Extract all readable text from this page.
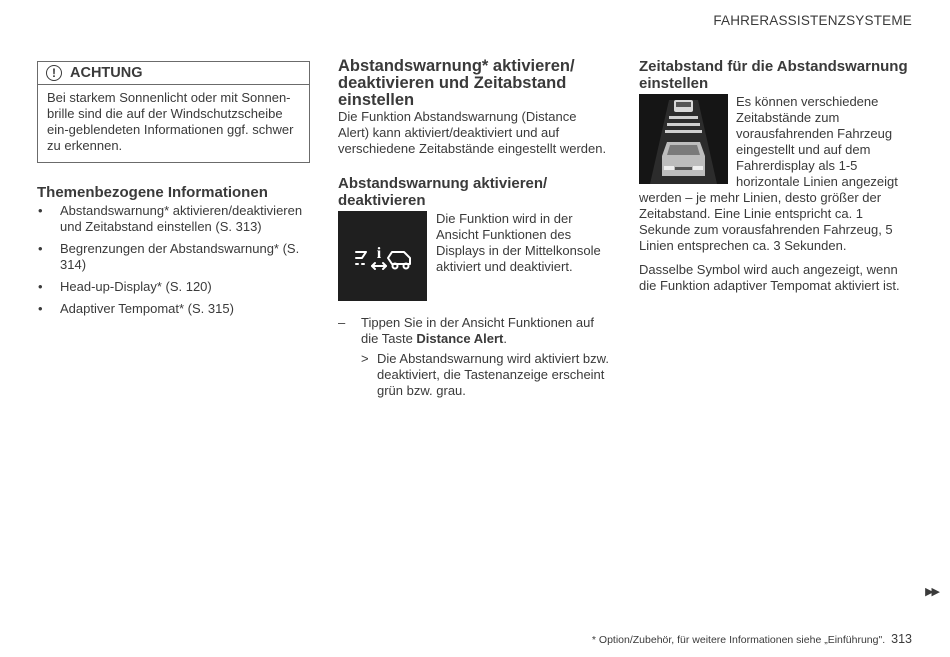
FAHRERASSISTENZSYSTEME
! ACHTUNG
Bei starkem Sonnenlicht oder mit Sonnen-brille sind die auf der Windschutzscheibe ein-geblendeten Informationen ggf. schwer zu erkennen.
Themenbezogene Informationen
• Abstandswarnung* aktivieren/deaktivieren und Zeitabstand einstellen (S. 313)
• Begrenzungen der Abstandswarnung* (S. 314)
• Head-up-Display* (S. 120)
• Adaptiver Tempomat* (S. 315)
Abstandswarnung* aktivieren/ deaktivieren und Zeitabstand einstellen

Die Funktion Abstandswarnung (Distance Alert) kann aktiviert/deaktiviert und auf verschiedene Zeitabstände eingestellt werden.

Abstandswarnung aktivieren/ deaktivieren
i

Die Funktion wird in der Ansicht Funktionen des Displays in der Mittelkonsole aktiviert und deaktiviert.

– Tippen Sie in der Ansicht Funktionen auf die Taste Distance Alert.
> Die Abstandswarnung wird aktiviert bzw. deaktiviert, die Tastenanzeige erscheint grün bzw. grau.
Zeitabstand für die Abstandswarnung einstellen

Es können verschiedene Zeitabstände zum vorausfahrenden Fahrzeug eingestellt und auf dem Fahrerdisplay als 1-5 horizontale Linien angezeigt werden – je mehr Linien, desto größer der Zeitabstand. Eine Linie entspricht ca. 1 Sekunde zum vorausfahrenden Fahrzeug, 5 Linien entsprechen ca. 3 Sekunden.

Dasselbe Symbol wird auch angezeigt, wenn die Funktion adaptiver Tempomat aktiviert ist.

▶▶
* Option/Zubehör, für weitere Informationen siehe „Einführung". 313
